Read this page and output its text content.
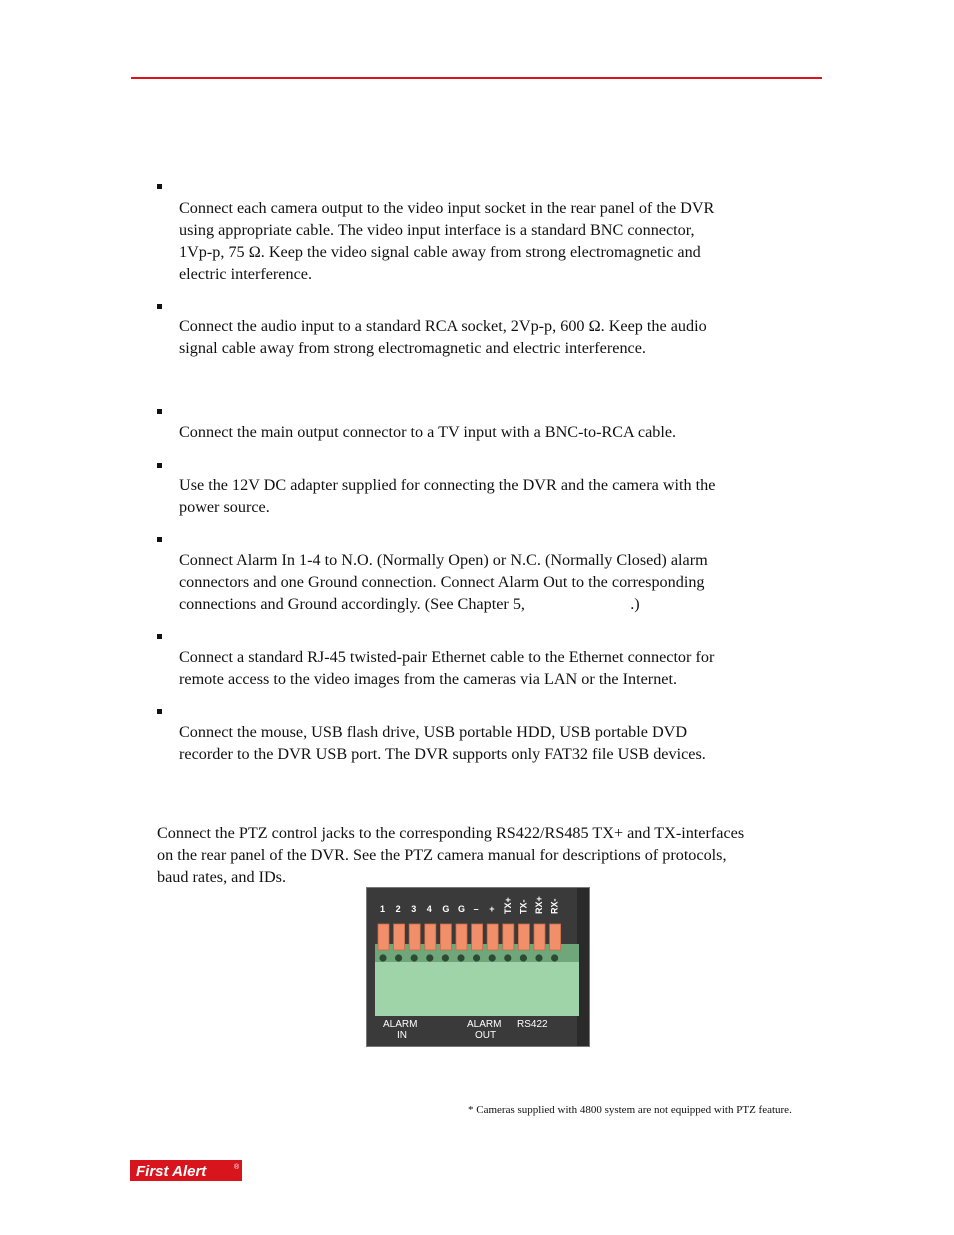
Connect each camera output to the video input socket in the rear panel of the DVR
using appropriate cable. The video input interface is a standard BNC connector,
1Vp-p, 75 Ω. Keep the video signal cable away from strong electromagnetic and
electric interference.

Connect the audio input to a standard RCA socket, 2Vp-p, 600 Ω. Keep the audio
signal cable away from strong electromagnetic and electric interference.

Connect the main output connector to a TV input with a BNC-to-RCA cable.

Use the 12V DC adapter supplied for connecting the DVR and the camera with the
power source.

Connect Alarm In 1-4 to N.O. (Normally Open) or N.C. (Normally Closed) alarm
connectors and one Ground connection. Connect Alarm Out to the corresponding
connections and Ground accordingly. (See Chapter 5,                          .)

Connect a standard RJ-45 twisted-pair Ethernet cable to the Ethernet connector for
remote access to the video images from the cameras via LAN or the Internet.

Connect the mouse, USB flash drive, USB portable HDD, USB portable DVD
recorder to the DVR USB port. The DVR supports only FAT32 file USB devices.

Connect the PTZ control jacks to the corresponding RS422/RS485 TX+ and TX-interfaces
on the rear panel of the DVR. See the PTZ camera manual for descriptions of protocols,
baud rates, and IDs.
1 2 3 4 G G – + TX+ TX- RX+ RX-
ALARM
IN
ALARM
OUT
RS422
* Cameras supplied with 4800 system are not equipped with PTZ feature.
First Alert	®
